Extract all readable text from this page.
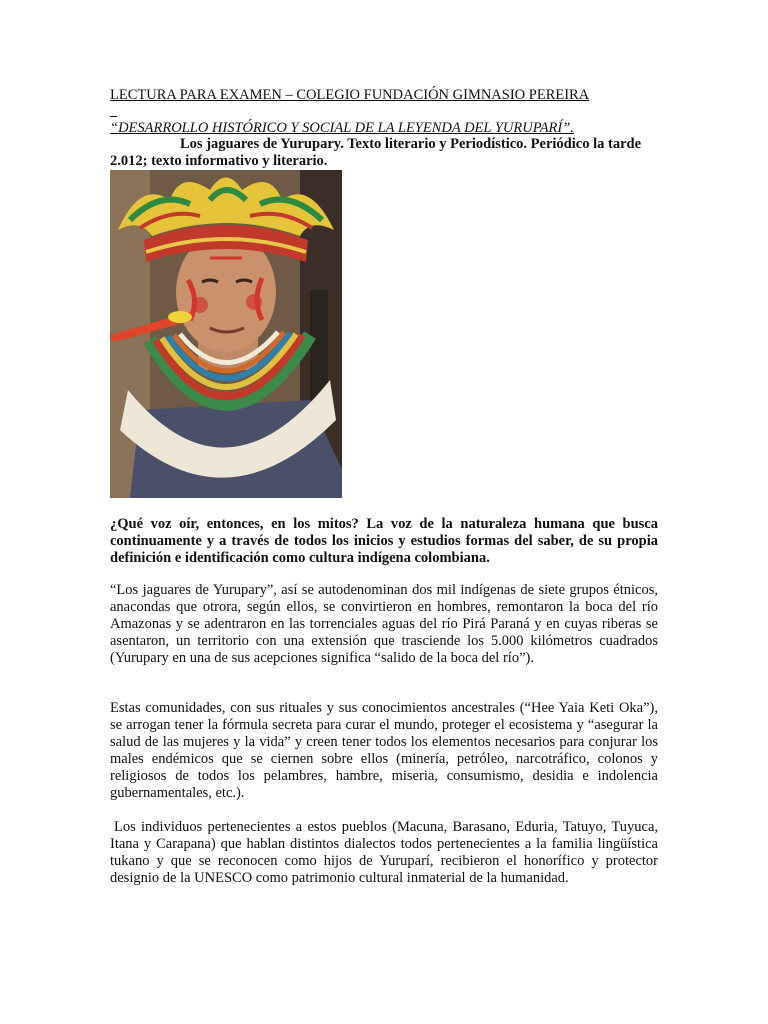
LECTURA PARA EXAMEN – COLEGIO FUNDACIÓN GIMNASIO PEREIRA

“DESARROLLO HISTÓRICO Y SOCIAL DE LA LEYENDA DEL YURUPARÍ”.

Los jaguares de Yurupary. Texto literario y Periodístico. Periódico la tarde 2.012; texto informativo y literario.

¿Qué voz oír, entonces, en los mitos? La voz de la naturaleza humana que busca continuamente y a través de todos los inicios y estudios formas del saber, de su propia definición e identificación como cultura indígena colombiana.

“Los jaguares de Yurupary”, así se autodenominan dos mil indígenas de siete grupos étnicos, anacondas que otrora, según ellos, se convirtieron en hombres, remontaron la boca del río Amazonas y se adentraron en las torrenciales aguas del río Pirá Paraná y en cuyas riberas se asentaron, un territorio con una extensión que trasciende los 5.000 kilómetros cuadrados (Yurupary en una de sus acepciones significa “salido de la boca del río”).

Estas comunidades, con sus rituales y sus conocimientos ancestrales (“Hee Yaia Keti Oka”), se arrogan tener la fórmula secreta para curar el mundo, proteger el ecosistema y “asegurar la salud de las mujeres y la vida” y creen tener todos los elementos necesarios para conjurar los males endémicos que se ciernen sobre ellos (minería, petróleo, narcotráfico, colonos y religiosos de todos los pelambres, hambre, miseria, consumismo, desidia e indolencia gubernamentales, etc.).

Los individuos pertenecientes a estos pueblos (Macuna, Barasano, Eduria, Tatuyo, Tuyuca, Itana y Carapana) que hablan distintos dialectos todos pertenecientes a la familia lingüística tukano y que se reconocen como hijos de Yuruparí, recibieron el honorífico y protector designio de la UNESCO como patrimonio cultural inmaterial de la humanidad.
